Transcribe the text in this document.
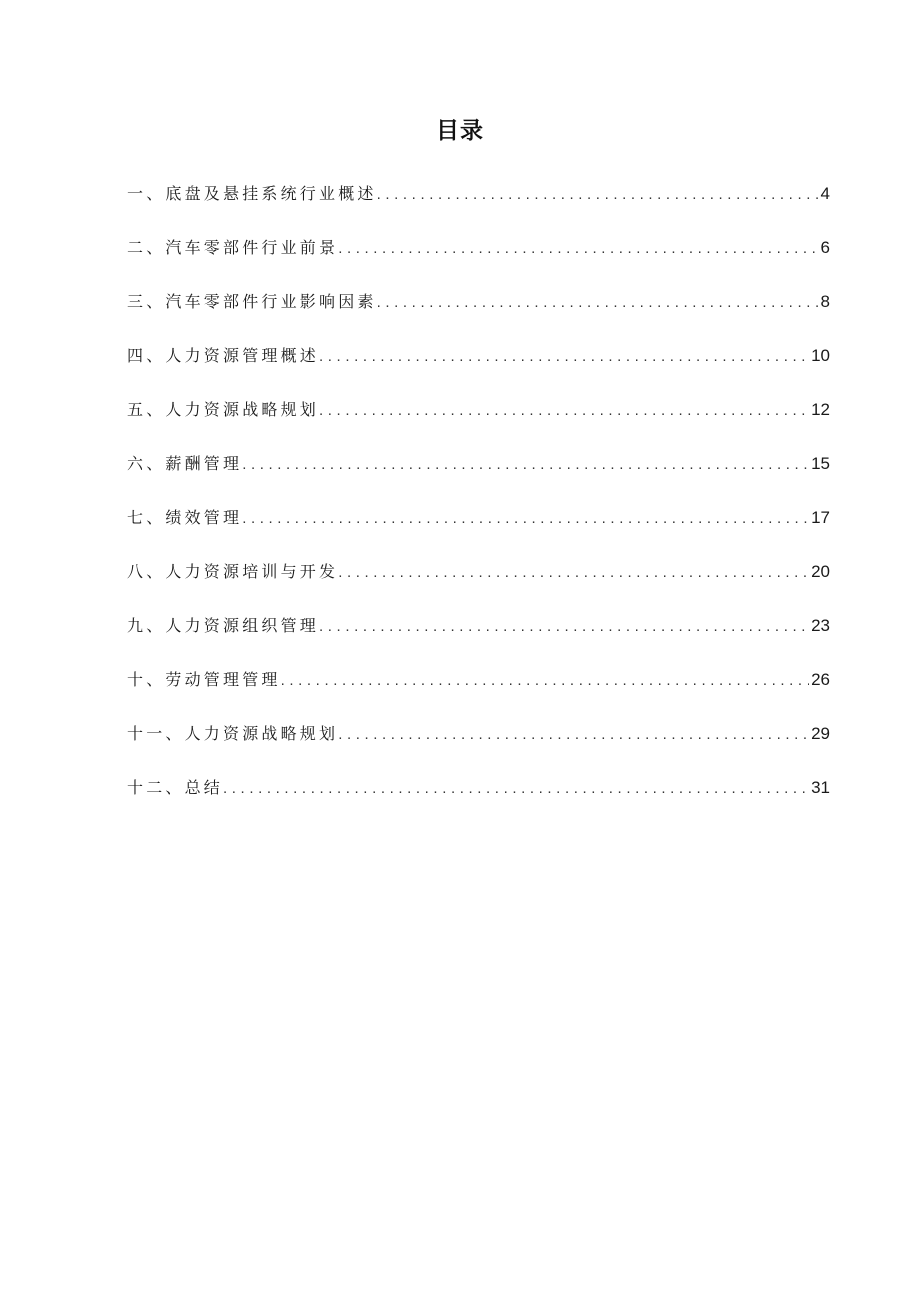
目录
一、底盘及悬挂系统行业概述 .....	4
二、汽车零部件行业前景 .....	6
三、汽车零部件行业影响因素 .....	8
四、人力资源管理概述 .....	10
五、人力资源战略规划 .....	12
六、薪酬管理 .....	15
七、绩效管理 .....	17
八、人力资源培训与开发 .....	20
九、人力资源组织管理 .....	23
十、劳动管理管理 .....	26
十一、人力资源战略规划 .....	29
十二、总结 .....	31
